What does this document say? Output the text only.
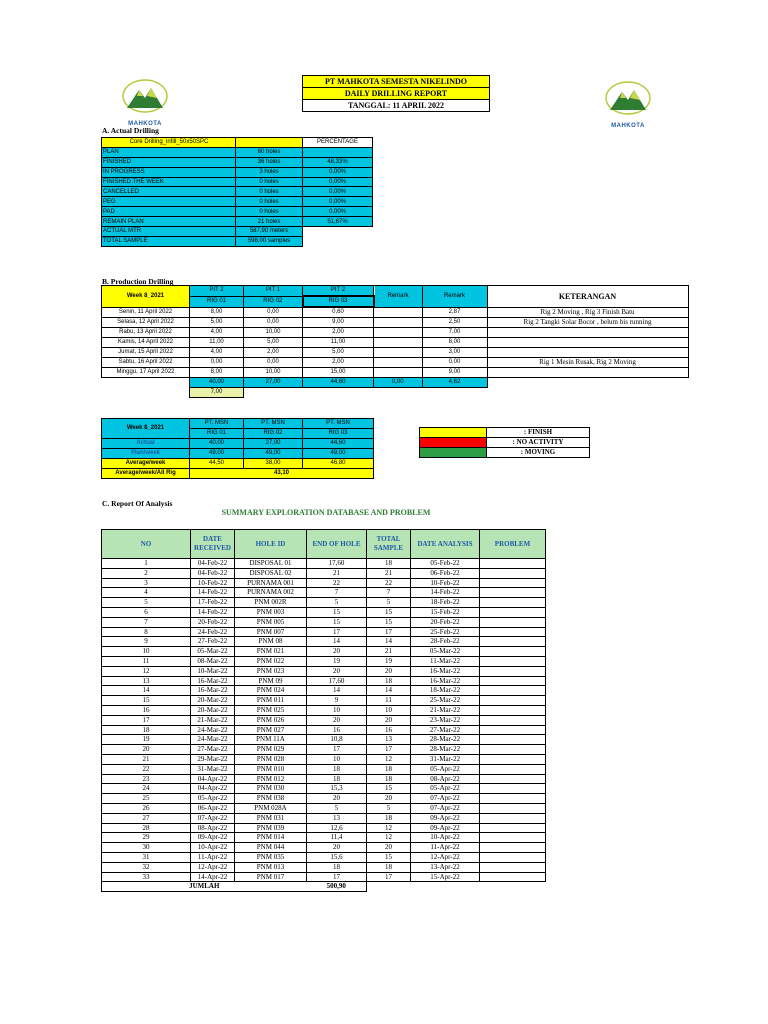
PT MAHKOTA SEMESTA NIKELINDO
DAILY DRILLING REPORT
TANGGAL: 11 APRIL 2022
MAHKOTA	MAHKOTA
A. Actual Drilling
Core Drilling_infill_50x50SPC		PERCENTAGE
PLAN	60 holes	
FINISHED	36 holes	48,33%
IN PROGRESS	3 holes	0,00%
FINISHED THE WEEK	0 holes	0,00%
CANCELLED	0 holes	0,00%
PEG	0 holes	0,00%
PAD	0 holes	0,00%
REMAIN PLAN	21 holes	51,67%
ACTUAL MTR	587,90 meters	
TOTAL SAMPLE	598,00 samples	
B. Production Drilling
Week 8_2021	PIT 2	PIT 1	PIT 2	Remark	Remark	KETERANGAN
	RIG 01	RIG 02	RIG 03			
Senin, 11 April 2022	8,00	0,00	0,60		2,87	Rig 2 Moving , Rig 3 Finish Batu
Selasa, 12 April 2022	5,00	0,00	9,00		2,50	Rig 2 Tangki Solar Bocor , belum bis running
Rabu, 13 April 2022	4,00	10,00	2,00		7,00	
Kamis, 14 April 2022	11,00	5,00	11,00		8,00	
Jumat, 15 April 2022	4,00	2,00	5,00		3,00	
Sabtu, 16 April 2022	0,00	0,00	2,00		0,00	Rig 1 Mesin Rusak, Rig 2 Moving
Minggu, 17 April 2022	8,00	10,00	15,00		9,00	
	40,00	27,00	44,60	0,00	4,62	
	7,00					
Week 8_2021	PT. MSN	PT. MSN	PT. MSN
	RIG 01	RIG 02	RIG 03
Actual	40,00	27,00	44,60
Plan/week	49,00	49,00	49,00
Average/week	44,50	38,00	46,80
Average/week/All Rig	43,10		
	: FINISH
	: NO ACTIVITY
	: MOVING
C. Report Of Analysis
SUMMARY EXPLORATION DATABASE AND PROBLEM
NO	DATE RECEIVED	HOLE ID	END OF HOLE	TOTAL SAMPLE	DATE ANALYSIS	PROBLEM
1	04-Feb-22	DISPOSAL 01	17,60	18	05-Feb-22	
2	04-Feb-22	DISPOSAL 02	21	21	06-Feb-22	
3	10-Feb-22	PURNAMA 001	22	22	10-Feb-22	
4	14-Feb-22	PURNAMA 002	7	7	14-Feb-22	
5	17-Feb-22	PNM 002R	5	5	18-Feb-22	
6	14-Feb-22	PNM 003	15	15	15-Feb-22	
7	20-Feb-22	PNM 005	15	15	20-Feb-22	
8	24-Feb-22	PNM 007	17	17	25-Feb-22	
9	27-Feb-22	PNM 08	14	14	28-Feb-22	
10	05-Mar-22	PNM 021	20	21	05-Mar-22	
11	08-Mar-22	PNM 022	19	19	11-Mar-22	
12	10-Mar-22	PNM 023	20	20	16-Mar-22	
13	16-Mar-22	PNM 09	17,60	18	16-Mar-22	
14	16-Mar-22	PNM 024	14	14	18-Mar-22	
15	20-Mar-22	PNM 011	9	11	25-Mar-22	
16	20-Mar-22	PNM 025	10	10	21-Mar-22	
17	21-Mar-22	PNM 026	20	20	23-Mar-22	
18	24-Mar-22	PNM 027	16	16	27-Mar-22	
19	24-Mar-22	PNM 11A	10,8	13	28-Mar-22	
20	27-Mar-22	PNM 029	17	17	28-Mar-22	
21	29-Mar-22	PNM 028	10	12	31-Mar-22	
22	31-Mar-22	PNM 010	18	18	05-Apr-22	
23	04-Apr-22	PNM 012	18	18	08-Apr-22	
24	04-Apr-22	PNM 030	15,3	15	05-Apr-22	
25	05-Apr-22	PNM 038	20	20	07-Apr-22	
26	06-Apr-22	PNM 028A	5	5	07-Apr-22	
27	07-Apr-22	PNM 031	13	18	09-Apr-22	
28	08-Apr-22	PNM 039	12,6	12	09-Apr-22	
29	09-Apr-22	PNM 014	11,4	12	10-Apr-22	
30	10-Apr-22	PNM 044	20	20	11-Apr-22	
31	11-Apr-22	PNM 035	15,6	15	12-Apr-22	
32	12-Apr-22	PNM 013	18	18	13-Apr-22	
33	14-Apr-22	PNM 017	17	17	15-Apr-22	
JUMLAH			500,90			
